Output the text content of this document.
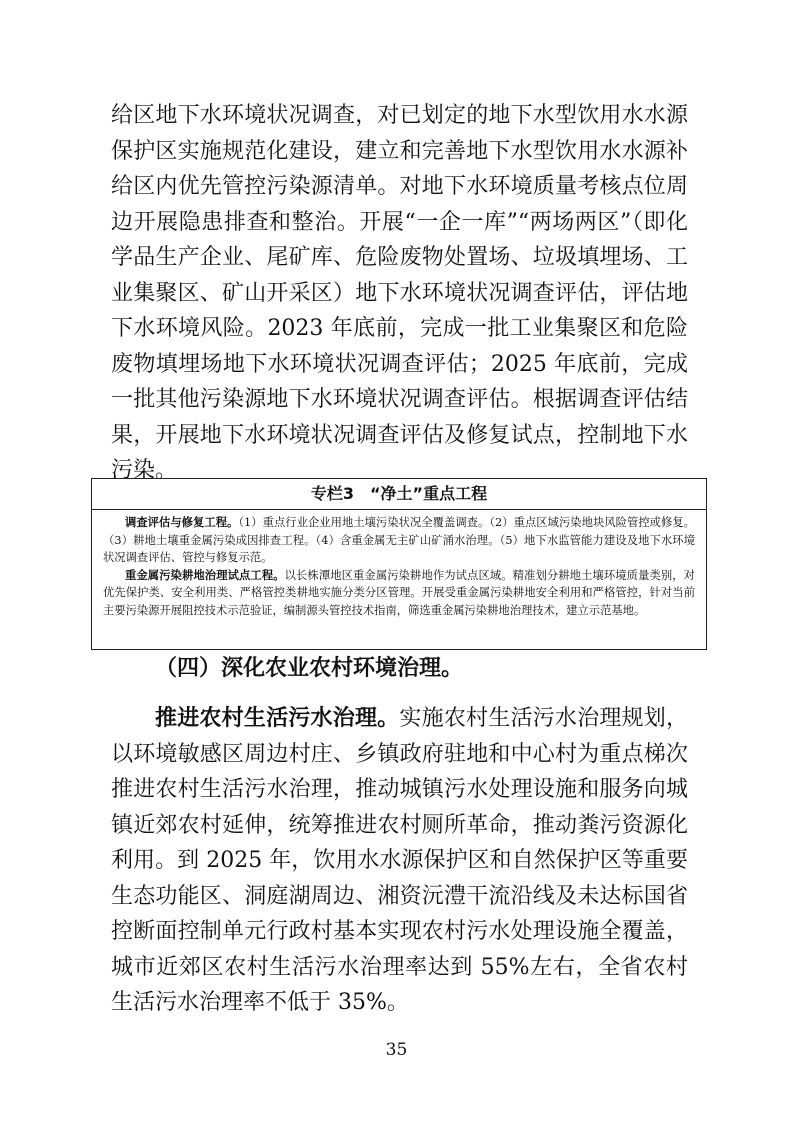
给区地下水环境状况调查，对已划定的地下水型饮用水水源保护区实施规范化建设，建立和完善地下水型饮用水水源补给区内优先管控污染源清单。对地下水环境质量考核点位周边开展隐患排查和整治。开展“一企一库”“两场两区”（即化学品生产企业、尾矿库、危险废物处置场、垃圾填埋场、工业集聚区、矿山开采区）地下水环境状况调查评估，评估地下水环境风险。2023 年底前，完成一批工业集聚区和危险废物填埋场地下水环境状况调查评估；2025 年底前，完成一批其他污染源地下水环境状况调查评估。根据调查评估结果，开展地下水环境状况调查评估及修复试点，控制地下水污染。

专栏3　“净土”重点工程

调查评估与修复工程。（1）重点行业企业用地土壤污染状况全覆盖调查。（2）重点区域污染地块风险管控或修复。（3）耕地土壤重金属污染成因排查工程。（4）含重金属无主矿山矿涌水治理。（5）地下水监管能力建设及地下水环境状况调查评估、管控与修复示范。

重金属污染耕地治理试点工程。以长株潭地区重金属污染耕地作为试点区域。精准划分耕地土壤环境质量类别，对优先保护类、安全利用类、严格管控类耕地实施分类分区管理。开展受重金属污染耕地安全利用和严格管控，针对当前主要污染源开展阻控技术示范验证，编制源头管控技术指南，筛选重金属污染耕地治理技术，建立示范基地。

（四）深化农业农村环境治理。

推进农村生活污水治理。实施农村生活污水治理规划，以环境敏感区周边村庄、乡镇政府驻地和中心村为重点梯次推进农村生活污水治理，推动城镇污水处理设施和服务向城镇近郊农村延伸，统筹推进农村厕所革命，推动粪污资源化利用。到 2025 年，饮用水水源保护区和自然保护区等重要生态功能区、洞庭湖周边、湘资沅澧干流沿线及未达标国省控断面控制单元行政村基本实现农村污水处理设施全覆盖，城市近郊区农村生活污水治理率达到 55%左右，全省农村生活污水治理率不低于 35%。

35
